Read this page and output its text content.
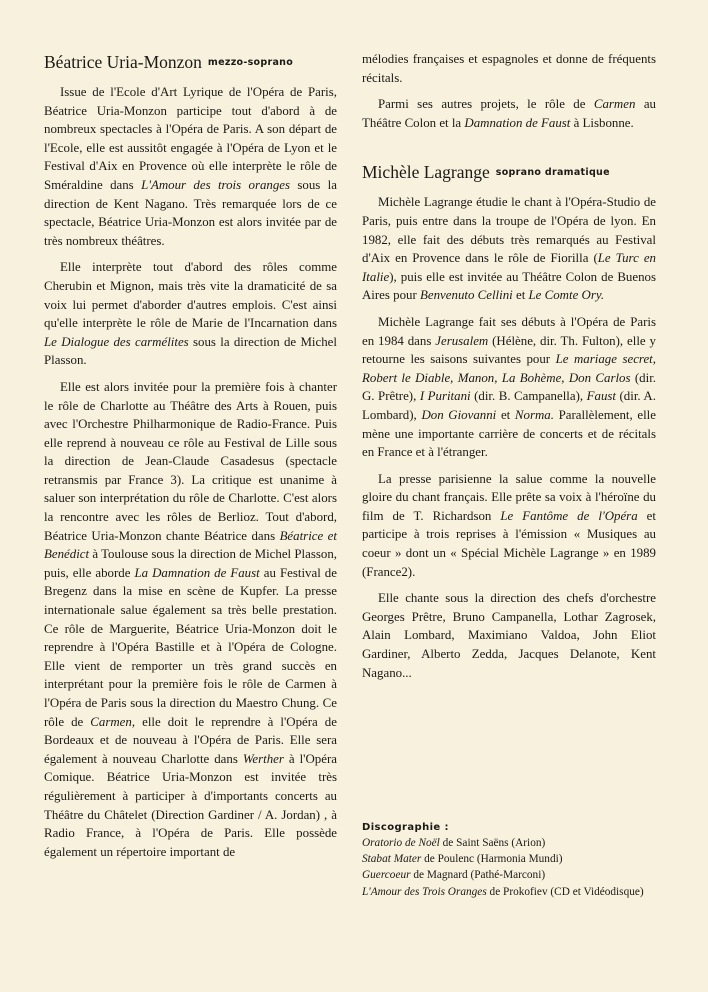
Béatrice Uria-Monzon mezzo-soprano

Issue de l'Ecole d'Art Lyrique de l'Opéra de Paris, Béatrice Uria-Monzon participe tout d'abord à de nombreux spectacles à l'Opéra de Paris. A son départ de l'Ecole, elle est aussitôt engagée à l'Opéra de Lyon et le Festival d'Aix en Provence où elle interprète le rôle de Sméraldine dans L'Amour des trois oranges sous la direction de Kent Nagano. Très remarquée lors de ce spectacle, Béatrice Uria-Monzon est alors invitée par de très nombreux théâtres.

Elle interprète tout d'abord des rôles comme Cherubin et Mignon, mais très vite la dramaticité de sa voix lui permet d'aborder d'autres emplois. C'est ainsi qu'elle interprète le rôle de Marie de l'Incarnation dans Le Dialogue des carmélites sous la direction de Michel Plasson.

Elle est alors invitée pour la première fois à chanter le rôle de Charlotte au Théâtre des Arts à Rouen, puis avec l'Orchestre Philharmonique de Radio-France. Puis elle reprend à nouveau ce rôle au Festival de Lille sous la direction de Jean-Claude Casadesus (spectacle retransmis par France 3). La critique est unanime à saluer son interprétation du rôle de Charlotte. C'est alors la rencontre avec les rôles de Berlioz. Tout d'abord, Béatrice Uria-Monzon chante Béatrice dans Béatrice et Benédict à Toulouse sous la direction de Michel Plasson, puis, elle aborde La Damnation de Faust au Festival de Bregenz dans la mise en scène de Kupfer. La presse internationale salue également sa très belle prestation. Ce rôle de Marguerite, Béatrice Uria-Monzon doit le reprendre à l'Opéra Bastille et à l'Opéra de Cologne. Elle vient de remporter un très grand succès en interprétant pour la première fois le rôle de Carmen à l'Opéra de Paris sous la direction du Maestro Chung. Ce rôle de Carmen, elle doit le reprendre à l'Opéra de Bordeaux et de nouveau à l'Opéra de Paris. Elle sera également à nouveau Charlotte dans Werther à l'Opéra Comique. Béatrice Uria-Monzon est invitée très régulièrement à participer à d'importants concerts au Théâtre du Châtelet (Direction Gardiner / A. Jordan) , à Radio France, à l'Opéra de Paris. Elle possède également un répertoire important de

mélodies françaises et espagnoles et donne de fréquents récitals.

Parmi ses autres projets, le rôle de Carmen au Théâtre Colon et la Damnation de Faust à Lisbonne.

Michèle Lagrange soprano dramatique

Michèle Lagrange étudie le chant à l'Opéra-Studio de Paris, puis entre dans la troupe de l'Opéra de lyon. En 1982, elle fait des débuts très remarqués au Festival d'Aix en Provence dans le rôle de Fiorilla (Le Turc en Italie), puis elle est invitée au Théâtre Colon de Buenos Aires pour Benvenuto Cellini et Le Comte Ory.

Michèle Lagrange fait ses débuts à l'Opéra de Paris en 1984 dans Jerusalem (Hélène, dir. Th. Fulton), elle y retourne les saisons suivantes pour Le mariage secret, Robert le Diable, Manon, La Bohème, Don Carlos (dir. G. Prêtre), I Puritani (dir. B. Campanella), Faust (dir. A. Lombard), Don Giovanni et Norma. Parallèlement, elle mène une importante carrière de concerts et de récitals en France et à l'étranger.

La presse parisienne la salue comme la nouvelle gloire du chant français. Elle prête sa voix à l'héroïne du film de T. Richardson Le Fantôme de l'Opéra et participe à trois reprises à l'émission « Musiques au coeur » dont un « Spécial Michèle Lagrange » en 1989 (France2).

Elle chante sous la direction des chefs d'orchestre Georges Prêtre, Bruno Campanella, Lothar Zagrosek, Alain Lombard, Maximiano Valdoa, John Eliot Gardiner, Alberto Zedda, Jacques Delanote, Kent Nagano...

Discographie :

Oratorio de Noël de Saint Saëns (Arion)

Stabat Mater de Poulenc (Harmonia Mundi)

Guercoeur de Magnard (Pathé-Marconi)

L'Amour des Trois Oranges de Prokofiev (CD et Vidéodisque)
